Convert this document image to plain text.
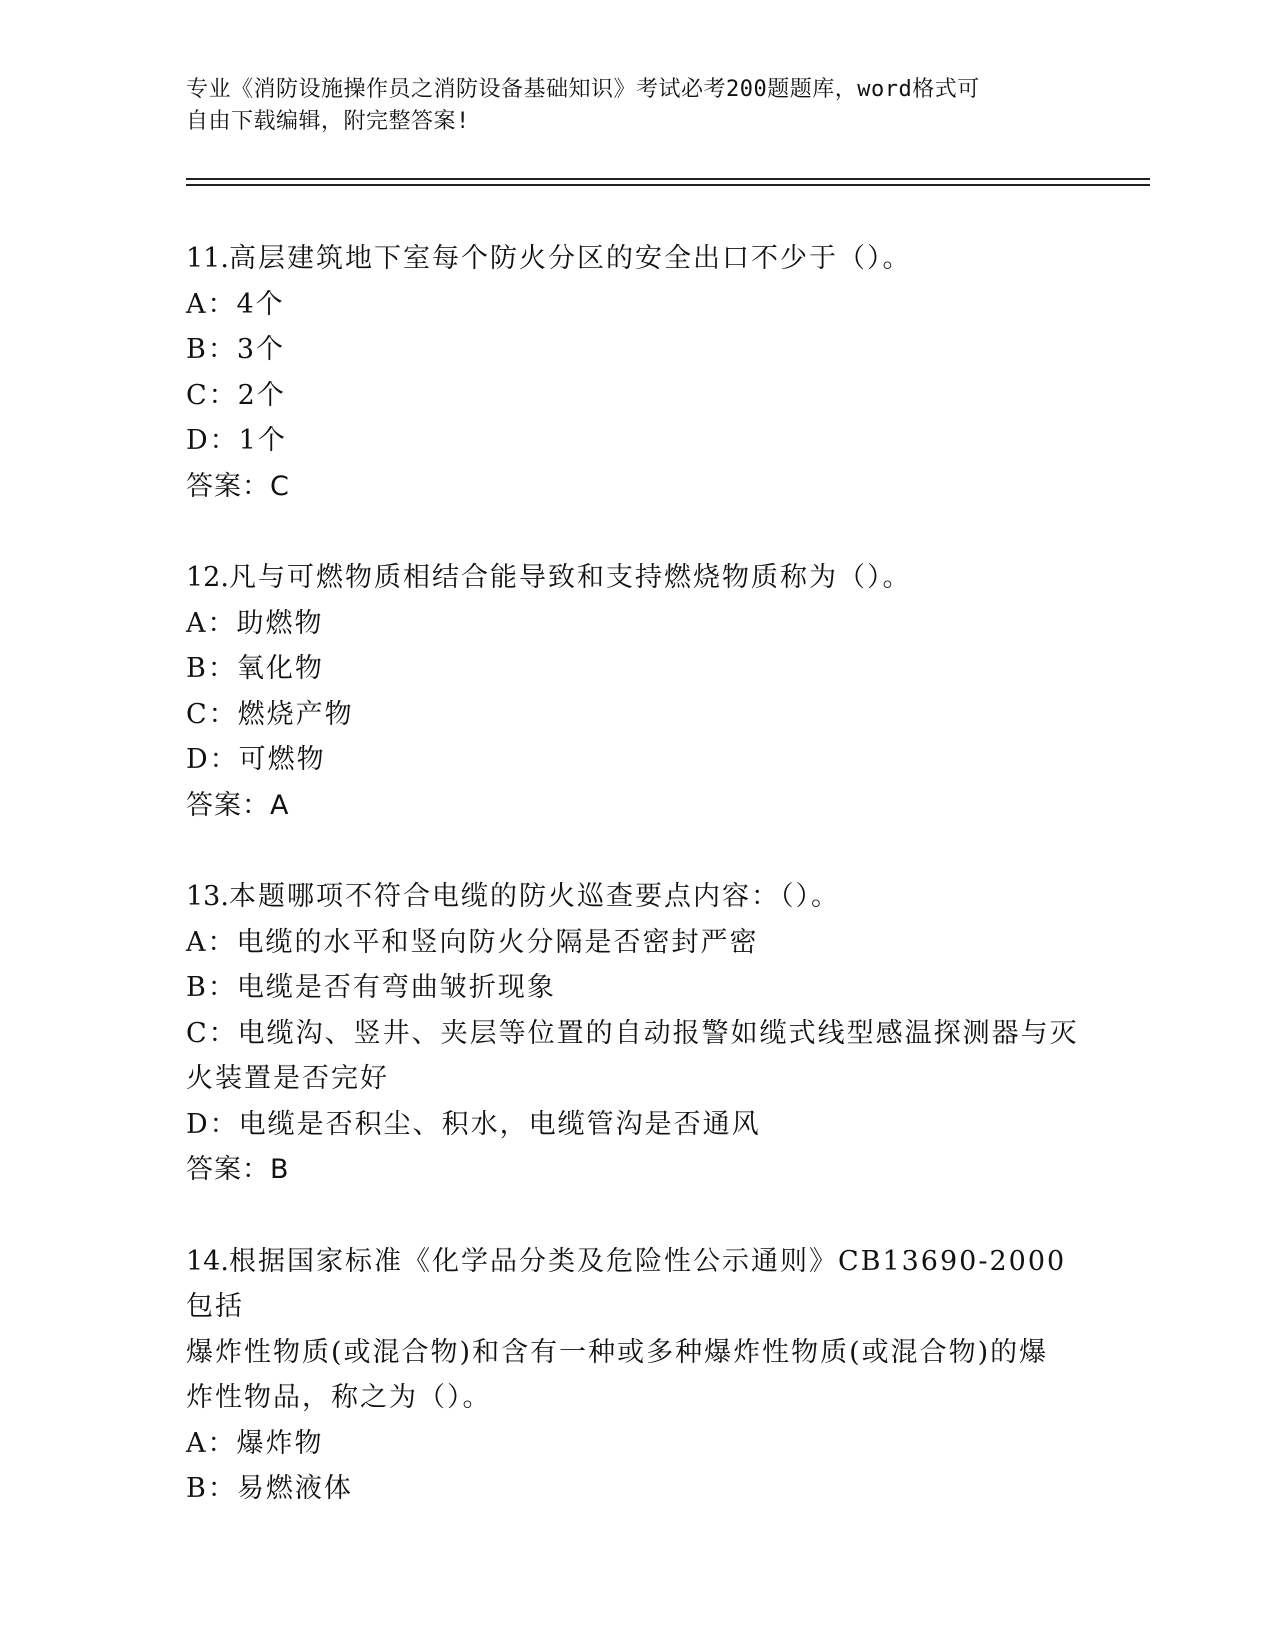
专业《消防设施操作员之消防设备基础知识》考试必考200题题库，word格式可
自由下载编辑，附完整答案!
11.高层建筑地下室每个防火分区的安全出口不少于（）。
A：4个
B：3个
C：2个
D：1个
答案：C
12.凡与可燃物质相结合能导致和支持燃烧物质称为（）。
A：助燃物
B：氧化物
C：燃烧产物
D：可燃物
答案：A
13.本题哪项不符合电缆的防火巡查要点内容：（）。
A：电缆的水平和竖向防火分隔是否密封严密
B：电缆是否有弯曲皱折现象
C：电缆沟、竖井、夹层等位置的自动报警如缆式线型感温探测器与灭
火装置是否完好
D：电缆是否积尘、积水，电缆管沟是否通风
答案：B
14.根据国家标准《化学品分类及危险性公示通则》CB13690-2000包括
爆炸性物质(或混合物)和含有一种或多种爆炸性物质(或混合物)的爆
炸性物品，称之为（）。
A：爆炸物
B：易燃液体
